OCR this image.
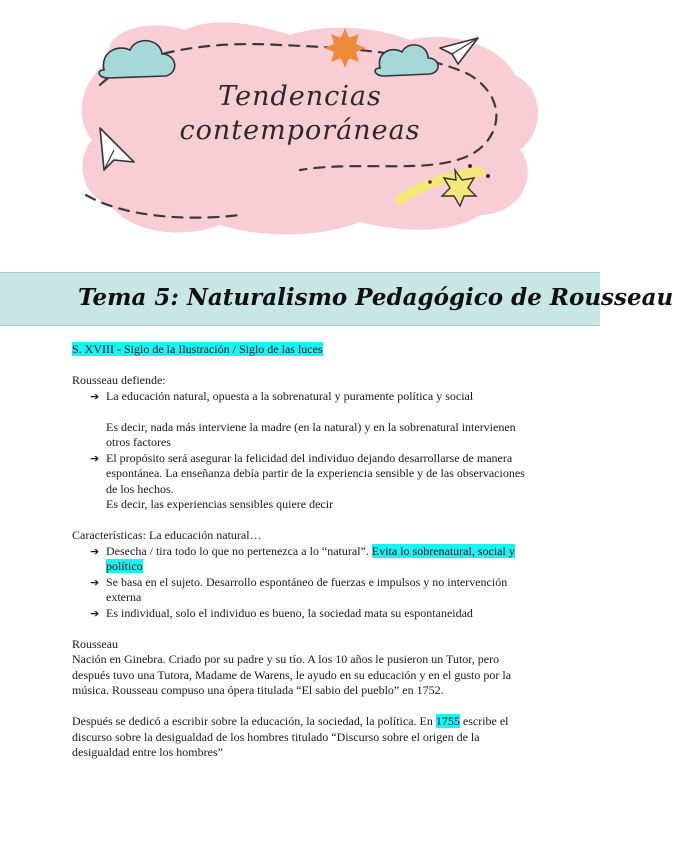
Tendencias
contemporáneas
Tema 5: Naturalismo Pedagógico de Rousseau

S. XVIII - Siglo de la Ilustración / Siglo de las luces

Rousseau defiende:

➔ La educación natural, opuesta a la sobrenatural y puramente política y social

Es decir, nada más interviene la madre (en la natural) y en la sobrenatural intervienen otros factores

➔ El propósito será asegurar la felicidad del individuo dejando desarrollarse de manera espontánea. La enseñanza debía partir de la experiencia sensible y de las observaciones de los hechos.

Es decir, las experiencias sensibles quiere decir

Características: La educación natural…

➔ Desecha / tira todo lo que no pertenezca a lo “natural”. Evita lo sobrenatural, social y político
➔ Se basa en el sujeto. Desarrollo espontáneo de fuerzas e impulsos y no intervención externa
➔ Es individual, solo el individuo es bueno, la sociedad mata su espontaneidad

Rousseau

Nación en Ginebra. Criado por su padre y su tío. A los 10 años le pusieron un Tutor, pero después tuvo una Tutora, Madame de Warens, le ayudo en su educación y en el gusto por la música. Rousseau compuso una ópera titulada “El sabio del pueblo” en 1752.

Después se dedicó a escribir sobre la educación, la sociedad, la política. En 1755 escribe el discurso sobre la desigualdad de los hombres titulado “Discurso sobre el origen de la desigualdad entre los hombres”
